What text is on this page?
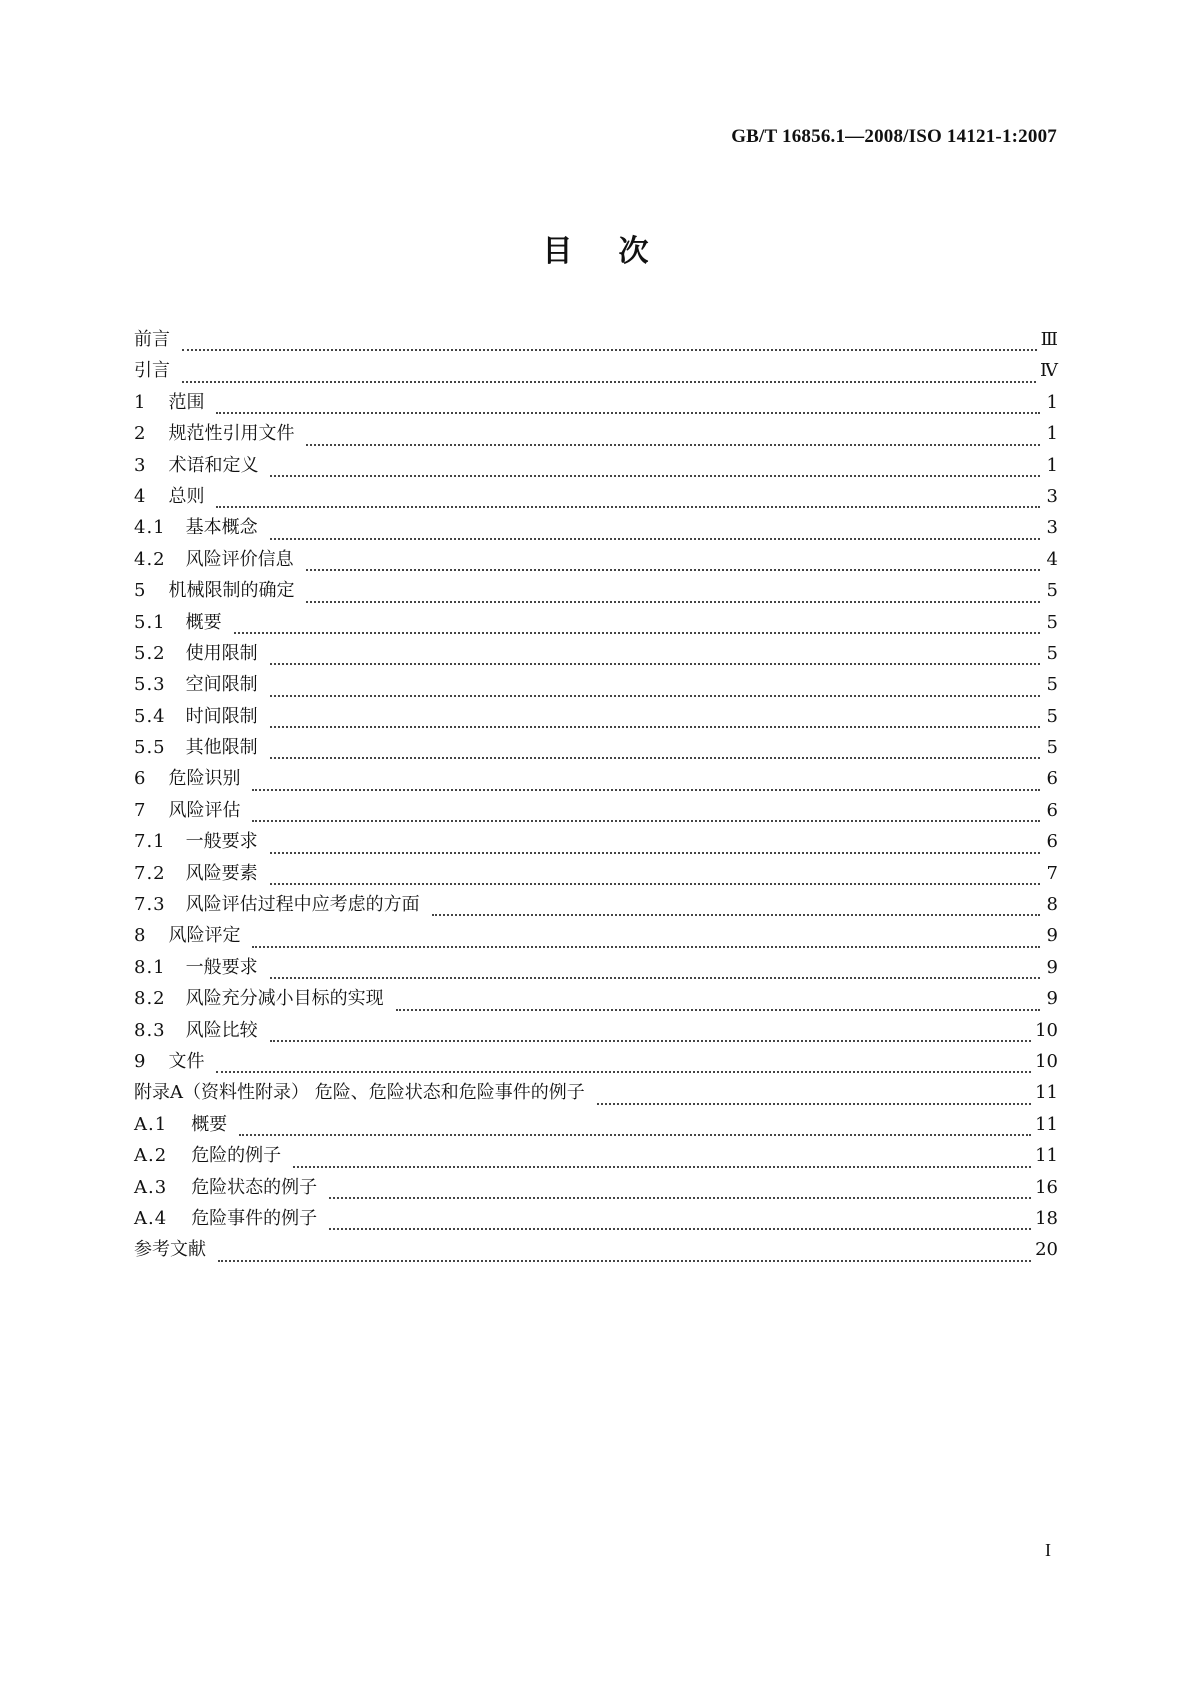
GB/T 16856.1—2008/ISO 14121-1:2007
目次
前言	Ⅲ
引言	Ⅳ
1 范围	1
2 规范性引用文件	1
3 术语和定义	1
4 总则	3
4.1 基本概念	3
4.2 风险评价信息	4
5 机械限制的确定	5
5.1 概要	5
5.2 使用限制	5
5.3 空间限制	5
5.4 时间限制	5
5.5 其他限制	5
6 危险识别	6
7 风险评估	6
7.1 一般要求	6
7.2 风险要素	7
7.3 风险评估过程中应考虑的方面	8
8 风险评定	9
8.1 一般要求	9
8.2 风险充分减小目标的实现	9
8.3 风险比较	10
9 文件	10
附录A（资料性附录） 危险、危险状态和危险事件的例子	11
A.1 概要	11
A.2 危险的例子	11
A.3 危险状态的例子	16
A.4 危险事件的例子	18
参考文献	20
I
